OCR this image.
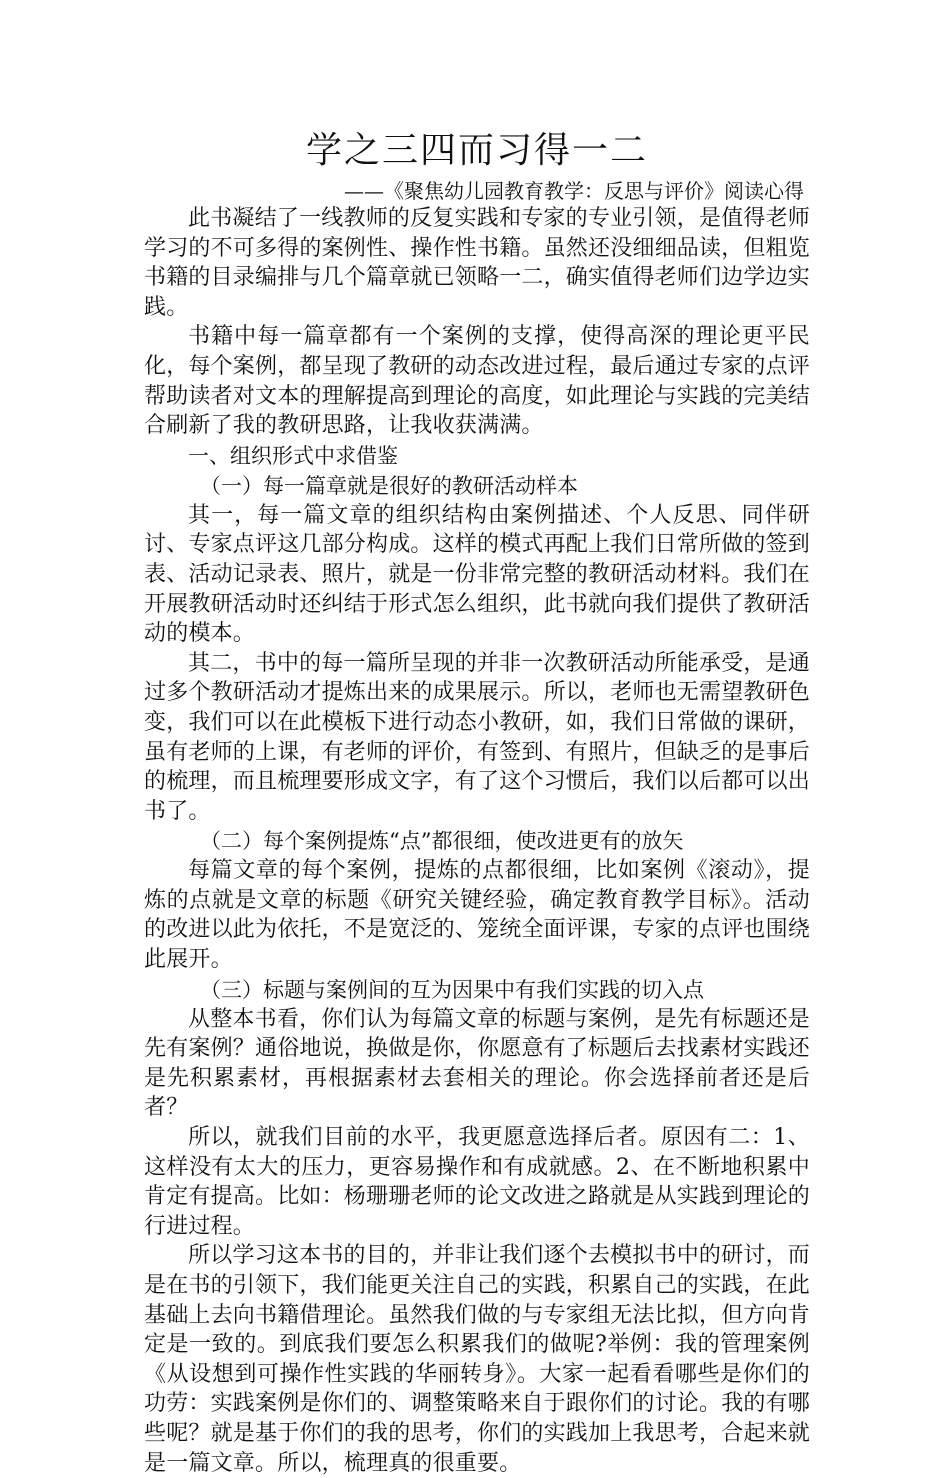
学之三四而习得一二
——《聚焦幼儿园教育教学：反思与评价》阅读心得

此书凝结了一线教师的反复实践和专家的专业引领，是值得老师学习的不可多得的案例性、操作性书籍。虽然还没细细品读，但粗览书籍的目录编排与几个篇章就已领略一二，确实值得老师们边学边实践。

书籍中每一篇章都有一个案例的支撑，使得高深的理论更平民化，每个案例，都呈现了教研的动态改进过程，最后通过专家的点评帮助读者对文本的理解提高到理论的高度，如此理论与实践的完美结合刷新了我的教研思路，让我收获满满。

一、组织形式中求借鉴

（一）每一篇章就是很好的教研活动样本

其一，每一篇文章的组织结构由案例描述、个人反思、同伴研讨、专家点评这几部分构成。这样的模式再配上我们日常所做的签到表、活动记录表、照片，就是一份非常完整的教研活动材料。我们在开展教研活动时还纠结于形式怎么组织，此书就向我们提供了教研活动的模本。

其二，书中的每一篇所呈现的并非一次教研活动所能承受，是通过多个教研活动才提炼出来的成果展示。所以，老师也无需望教研色变，我们可以在此模板下进行动态小教研，如，我们日常做的课研，虽有老师的上课，有老师的评价，有签到、有照片，但缺乏的是事后的梳理，而且梳理要形成文字，有了这个习惯后，我们以后都可以出书了。

（二）每个案例提炼“点”都很细，使改进更有的放矢

每篇文章的每个案例，提炼的点都很细，比如案例《滚动》，提炼的点就是文章的标题《研究关键经验，确定教育教学目标》。活动的改进以此为依托，不是宽泛的、笼统全面评课，专家的点评也围绕此展开。

（三）标题与案例间的互为因果中有我们实践的切入点

从整本书看，你们认为每篇文章的标题与案例，是先有标题还是先有案例？通俗地说，换做是你，你愿意有了标题后去找素材实践还是先积累素材，再根据素材去套相关的理论。你会选择前者还是后者？

所以，就我们目前的水平，我更愿意选择后者。原因有二：1、这样没有太大的压力，更容易操作和有成就感。2、在不断地积累中肯定有提高。比如：杨珊珊老师的论文改进之路就是从实践到理论的行进过程。

所以学习这本书的目的，并非让我们逐个去模拟书中的研讨，而是在书的引领下，我们能更关注自己的实践，积累自己的实践，在此基础上去向书籍借理论。虽然我们做的与专家组无法比拟，但方向肯定是一致的。到底我们要怎么积累我们的做呢?举例：我的管理案例《从设想到可操作性实践的华丽转身》。大家一起看看哪些是你们的功劳：实践案例是你们的、调整策略来自于跟你们的讨论。我的有哪些呢？就是基于你们的我的思考，你们的实践加上我思考，合起来就是一篇文章。所以，梳理真的很重要。
